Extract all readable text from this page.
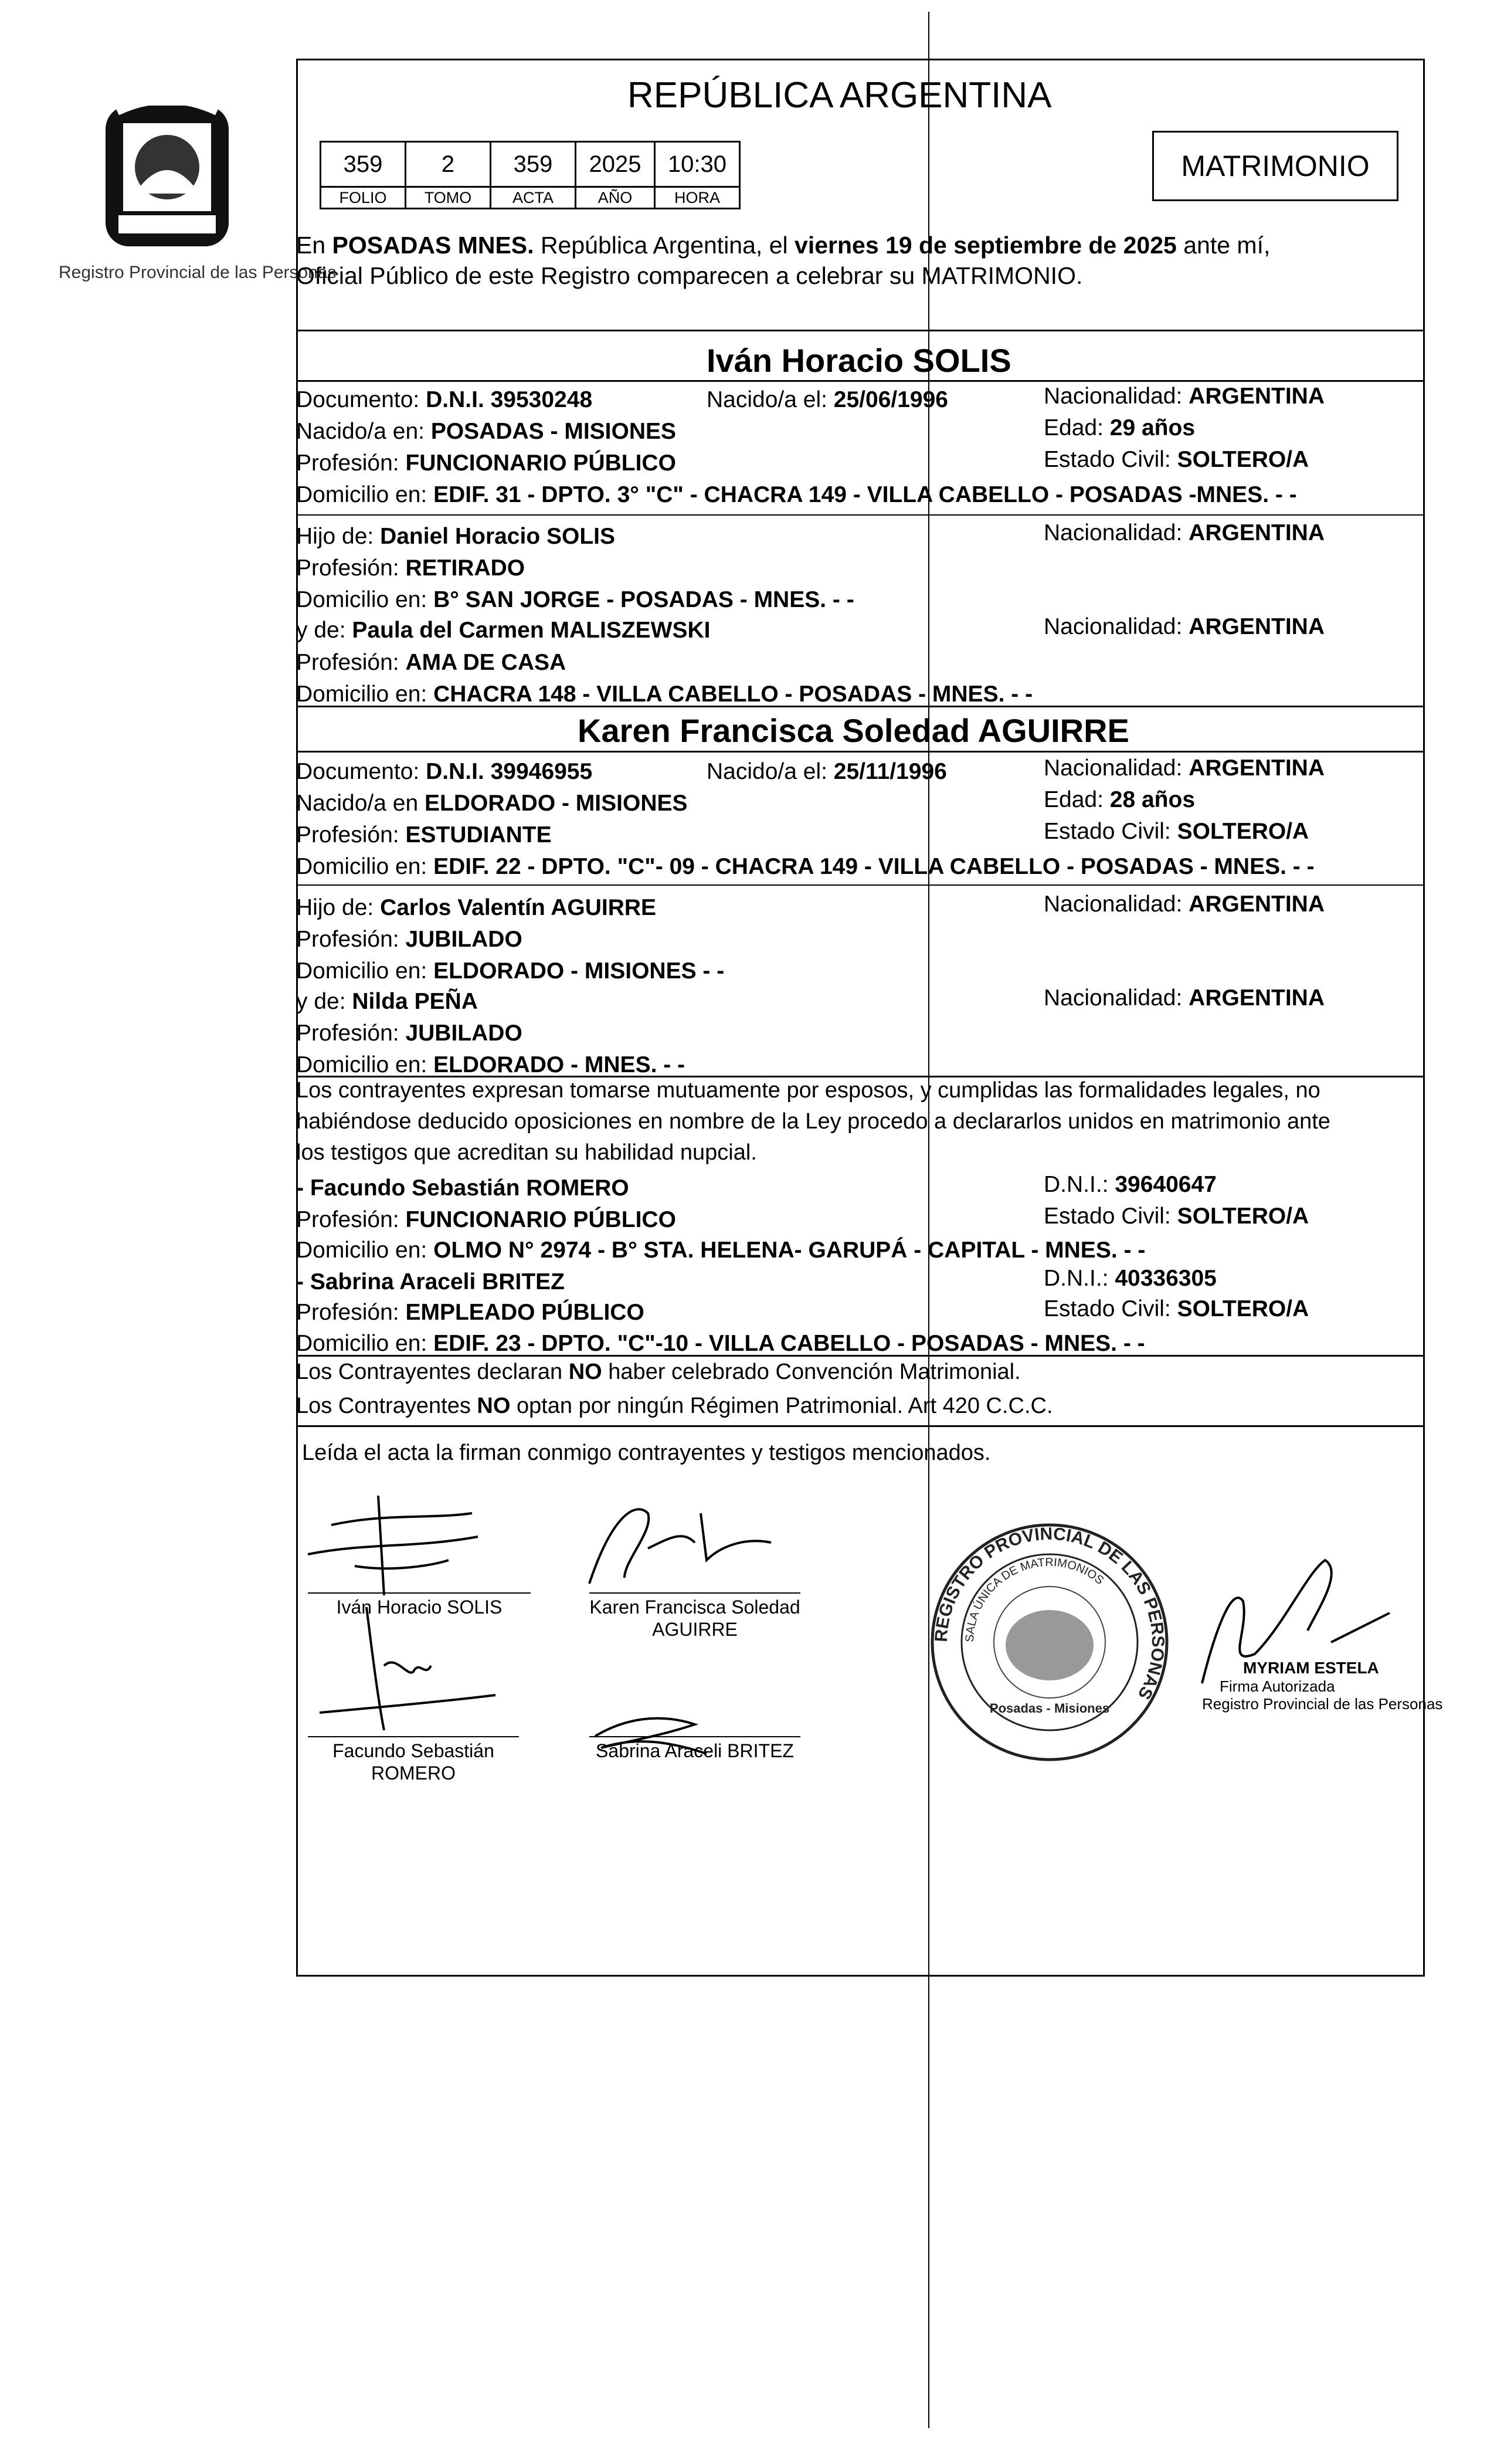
Registro Provincial de las Personas
REPÚBLICA ARGENTINA
MATRIMONIO
359	2	359	2025	10:30
FOLIO	TOMO	ACTA	AÑO	HORA
En POSADAS MNES. República Argentina, el viernes 19 de septiembre de 2025 ante mí,
Oficial Público de este Registro comparecen a celebrar su MATRIMONIO.
Iván Horacio SOLIS
Documento: D.N.I. 39530248	Nacido/a el: 25/06/1996	Nacionalidad: ARGENTINA
Nacido/a en: POSADAS - MISIONES	Edad: 29 años
Profesión: FUNCIONARIO PÚBLICO	Estado Civil: SOLTERO/A
Domicilio en: EDIF. 31 - DPTO. 3° "C" - CHACRA 149 - VILLA CABELLO - POSADAS -MNES. - -
Hijo de: Daniel Horacio SOLIS	Nacionalidad: ARGENTINA
Profesión: RETIRADO
Domicilio en: B° SAN JORGE - POSADAS - MNES. - -
y de: Paula del Carmen MALISZEWSKI	Nacionalidad: ARGENTINA
Profesión: AMA DE CASA
Domicilio en: CHACRA 148 - VILLA CABELLO - POSADAS - MNES. - -
Karen Francisca Soledad AGUIRRE
Documento: D.N.I. 39946955	Nacido/a el: 25/11/1996	Nacionalidad: ARGENTINA
Nacido/a en ELDORADO - MISIONES	Edad: 28 años
Profesión: ESTUDIANTE	Estado Civil: SOLTERO/A
Domicilio en: EDIF. 22 - DPTO. "C"- 09 - CHACRA 149 - VILLA CABELLO - POSADAS - MNES. - -
Hijo de: Carlos Valentín AGUIRRE	Nacionalidad: ARGENTINA
Profesión: JUBILADO
Domicilio en: ELDORADO - MISIONES - -
y de: Nilda PEÑA	Nacionalidad: ARGENTINA
Profesión: JUBILADO
Domicilio en: ELDORADO - MNES. - -
Los contrayentes expresan tomarse mutuamente por esposos, y cumplidas las formalidades legales, no
habiéndose deducido oposiciones en nombre de la Ley procedo a declararlos unidos en matrimonio ante
los testigos que acreditan su habilidad nupcial.
- Facundo Sebastián ROMERO	D.N.I.: 39640647
Profesión: FUNCIONARIO PÚBLICO	Estado Civil: SOLTERO/A
Domicilio en: OLMO N° 2974 - B° STA. HELENA- GARUPÁ - CAPITAL - MNES. - -
- Sabrina Araceli BRITEZ	D.N.I.: 40336305
Profesión: EMPLEADO PÚBLICO	Estado Civil: SOLTERO/A
Domicilio en: EDIF. 23 - DPTO. "C"-10 - VILLA CABELLO - POSADAS - MNES. - -
Los Contrayentes declaran NO haber celebrado Convención Matrimonial.
Los Contrayentes NO optan por ningún Régimen Patrimonial. Art 420 C.C.C.
Leída el acta la firman conmigo contrayentes y testigos mencionados.
Iván Horacio SOLIS	Karen Francisca Soledad
AGUIRRE
Facundo Sebastián
ROMERO
Sabrina Araceli BRITEZ
REGISTRO PROVINCIAL DE LAS PERSONAS
SALA ÚNICA DE MATRIMONIOS
Posadas - Misiones
MYRIAM ESTELA
Firma Autorizada
Registro Provincial de las Personas
